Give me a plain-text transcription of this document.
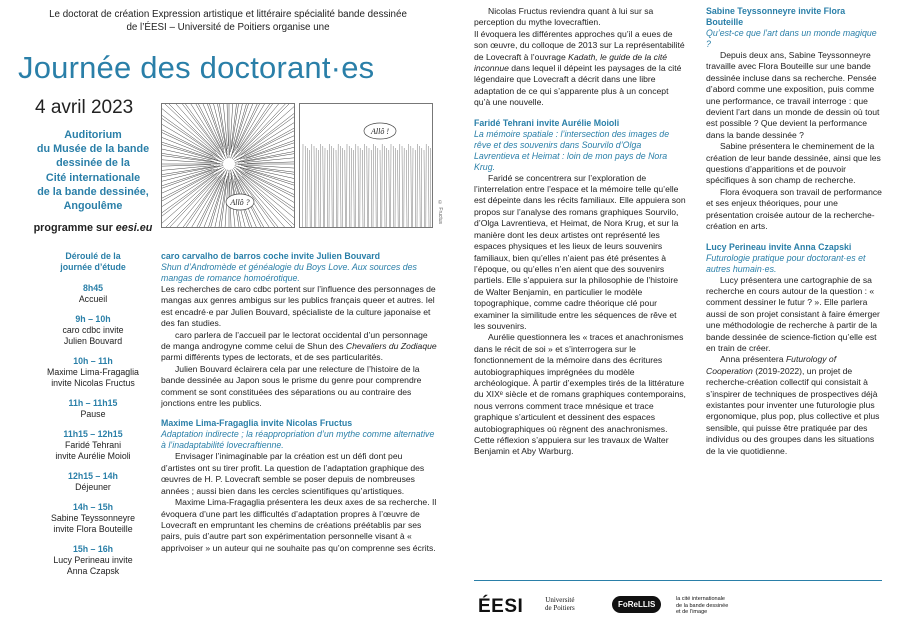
Le doctorat de création Expression artistique et littéraire spécialité bande dessinée
de l’ÉESI – Université de Poitiers organise une
Journée des doctorant·es
4 avril 2023
Auditorium
du Musée de la bande
dessinée de la
Cité internationale
de la bande dessinée,
Angoulême
programme sur eesi.eu
Allô ?
Allô !
© Fructus
Déroulé de la
journée d’étude
8h45
Accueil
9h – 10h
caro cdbc invite
Julien Bouvard
10h – 11h
Maxime Lima-Fragaglia
invite Nicolas Fructus
11h – 11h15
Pause
11h15 – 12h15
Faridé Tehrani
invite Aurélie Moioli
12h15 – 14h
Déjeuner
14h – 15h
Sabine Teyssonneyre
invite Flora Bouteille
15h – 16h
Lucy Perineau invite
Anna Czapsk
caro carvalho de barros coche invite Julien Bouvard
Shun d’Andromède et généalogie du Boys Love. Aux sources des mangas de romance homoérotique.

Les recherches de caro cdbc portent sur l’influence des personnages de mangas aux genres ambigus sur les publics français queer et autres. Iel est encadré·e par Julien Bouvard, spécialiste de la culture japonaise et des fan studies.

caro parlera de l’accueil par le lectorat occidental d’un personnage de manga androgyne comme celui de Shun des Chevaliers du Zodiaque parmi différents types de lectorats, et de ses particularités.

Julien Bouvard éclairera cela par une relecture de l’histoire de la bande dessinée au Japon sous le prisme du genre pour comprendre comment se sont constituées des séparations ou au contraire des jonctions entre les publics.

Maxime Lima-Fragaglia invite Nicolas Fructus
Adaptation indirecte ; la réappropriation d’un mythe comme alternative à l’inadaptabilité lovecraftienne.

Envisager l’inimaginable par la création est un défi dont peu d’artistes ont su tirer profit. La question de l’adaptation graphique des œuvres de H. P. Lovecraft semble se poser depuis de nombreuses années ; aussi bien dans les cercles scientifiques qu’artistiques.

Maxime Lima-Fragaglia présentera les deux axes de sa recherche. Il évoquera d’une part les difficultés d’adaptation propres à l’œuvre de Lovecraft en empruntant les chemins de créations préétablis par ses pairs, puis d’autre part son expérimentation personnelle visant à « apprivoiser » un auteur qui ne souhaite pas qu’on comprenne ses écrits.

Nicolas Fructus reviendra quant à lui sur sa perception du mythe lovecraftien.

Il évoquera les différentes approches qu’il a eues de son œuvre, du colloque de 2013 sur La représentabilité de Lovecraft à l’ouvrage Kadath, le guide de la cité inconnue dans lequel il dépeint les paysages de la cité légendaire que Lovecraft a décrit dans une libre adaptation de ce qui s’apparente plus à un concept qu’à une nouvelle.

Faridé Tehrani invite Aurélie Moioli
La mémoire spatiale : l’intersection des images de rêve et des souvenirs dans Sourvilo d’Olga Lavrentieva et Heimat : loin de mon pays de Nora Krug.

Faridé se concentrera sur l’exploration de l’interrelation entre l’espace et la mémoire telle qu’elle est dépeinte dans les récits familiaux. Elle appuiera son propos sur l’analyse des romans graphiques Sourvilo, d’Olga Lavrentieva, et Heimat, de Nora Krug, et sur la manière dont les deux artistes ont représenté les espaces physiques et les lieux de leurs souvenirs familiaux, bien qu’elles n’aient pas été présentes à l’époque, ou qu’elles n’en aient que des souvenirs partiels. Elle s’appuiera sur la philosophie de l’histoire de Walter Benjamin, en particulier le modèle topographique, comme cadre théorique clé pour examiner la similitude entre les séquences de rêve et les souvenirs.

Aurélie questionnera les « traces et anachronismes dans le récit de soi » et s’interrogera sur le fonctionnement de la mémoire dans des écritures autobiographiques imprégnées du modèle archéologique. À partir d’exemples tirés de la littérature du XIXᵉ siècle et de romans graphiques contemporains, nous verrons comment trace mnésique et trace graphique s’articulent et dessinent des espaces autobiographiques où règnent des anachronismes. Cette réflexion s’appuiera sur les travaux de Walter Benjamin et Aby Warburg.

Sabine Teyssonneyre invite Flora Bouteille
Qu’est-ce que l’art dans un monde magique ?

Depuis deux ans, Sabine Teyssonneyre travaille avec Flora Bouteille sur une bande dessinée incluse dans sa recherche. Pensée d’abord comme une exposition, puis comme une performance, ce travail interroge : que devient l’art dans un monde de dessin où tout est possible ? Que devient la performance dans la bande dessinée ?

Sabine présentera le cheminement de la création de leur bande dessinée, ainsi que les questions d’apparitions et de pouvoir spécifiques à son champ de recherche.

Flora évoquera son travail de performance et ses enjeux théoriques, pour une présentation croisée autour de la recherche-création en arts.

Lucy Perineau invite Anna Czapski
Futurologie pratique pour doctorant·es et autres humain·es.

Lucy présentera une cartographie de sa recherche en cours autour de la question : « comment dessiner le futur ? ». Elle parlera aussi de son projet consistant à faire émerger une méthodologie de recherche à partir de la bande dessinée de science-fiction qu’elle est en train de créer.

Anna présentera Futurology of Cooperation (2019-2022), un projet de recherche-création collectif qui consistait à s’inspirer de techniques de prospectives déjà existantes pour inventer une futurologie plus ergonomique, plus pop, plus collective et plus sensible, qui puisse être pratiquée par des individus ou des groupes dans les situations de la vie quotidienne.

ÉESI	Université
de Poitiers	FoReLLIS
la cité internationale
de la bande dessinée
et de l’image
